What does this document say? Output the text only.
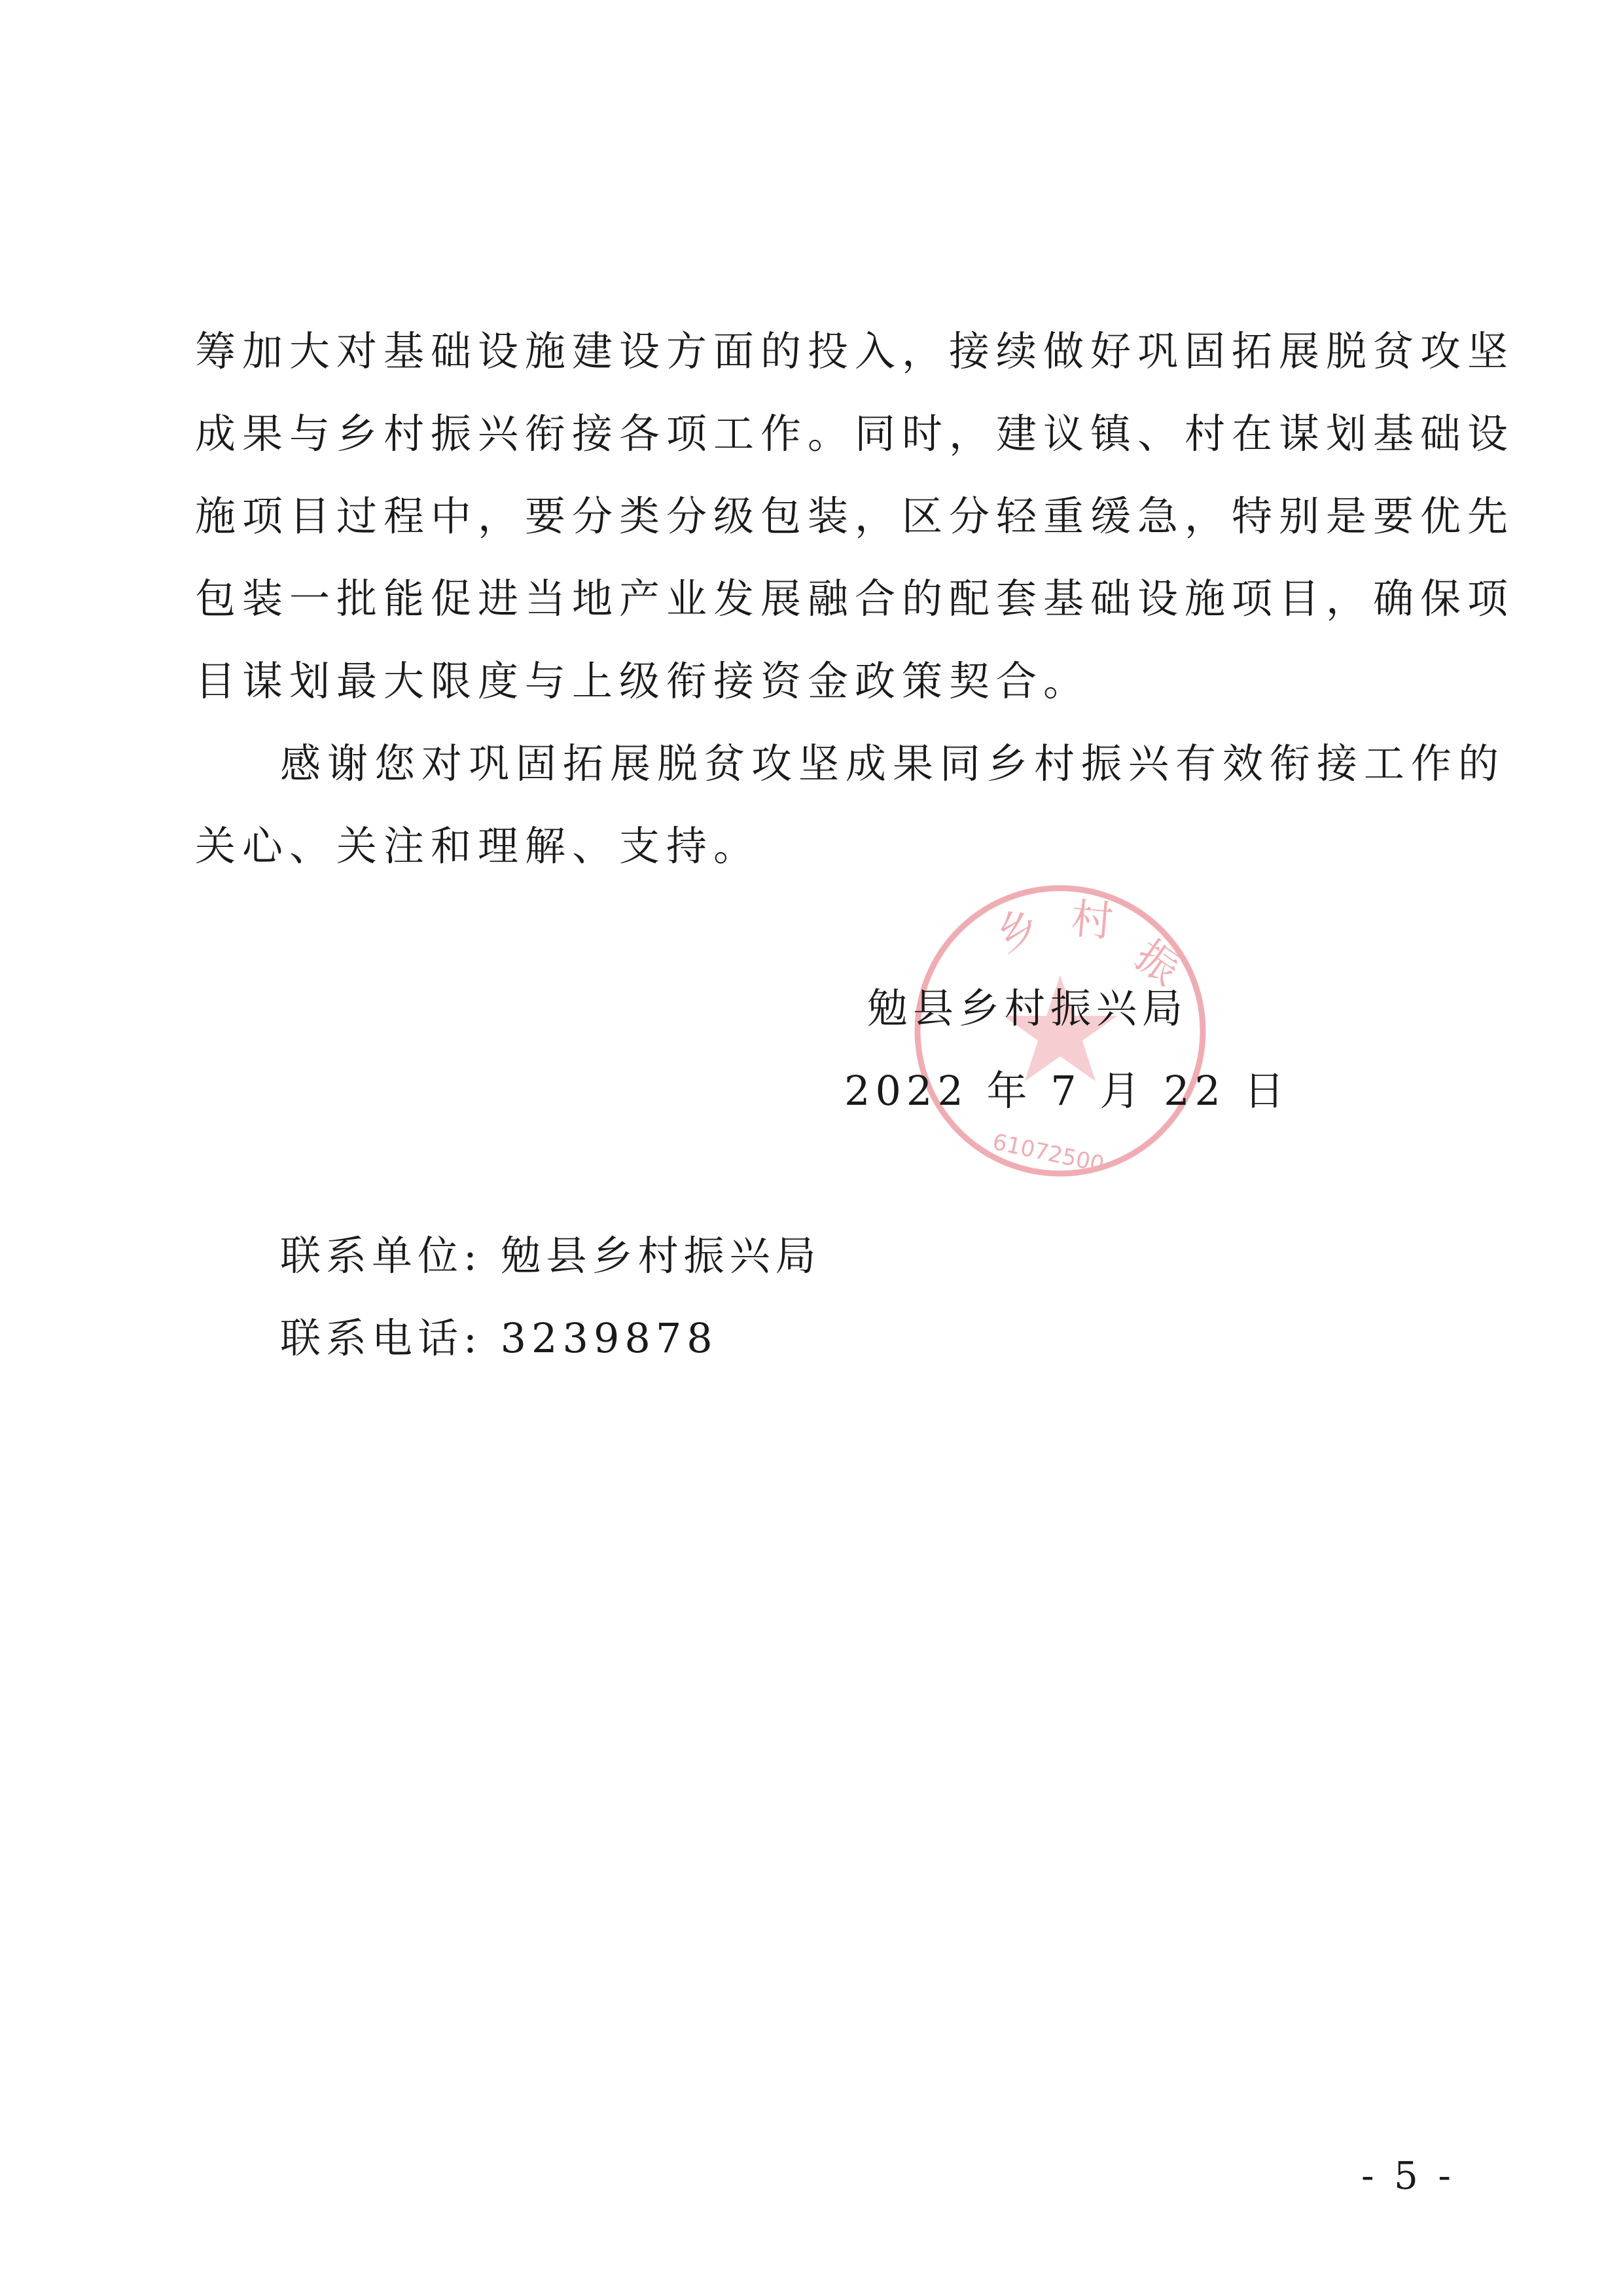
筹加大对基础设施建设方面的投入，接续做好巩固拓展脱贫攻坚
成果与乡村振兴衔接各项工作。同时，建议镇、村在谋划基础设
施项目过程中，要分类分级包装，区分轻重缓急，特别是要优先
包装一批能促进当地产业发展融合的配套基础设施项目，确保项
目谋划最大限度与上级衔接资金政策契合。
感谢您对巩固拓展脱贫攻坚成果同乡村振兴有效衔接工作的
关心、关注和理解、支持。
乡 村
振
61072500
勉县乡村振兴局
2022 年 7 月 22 日
联系单位: 勉县乡村振兴局
联系电话: 3239878
- 5 -
